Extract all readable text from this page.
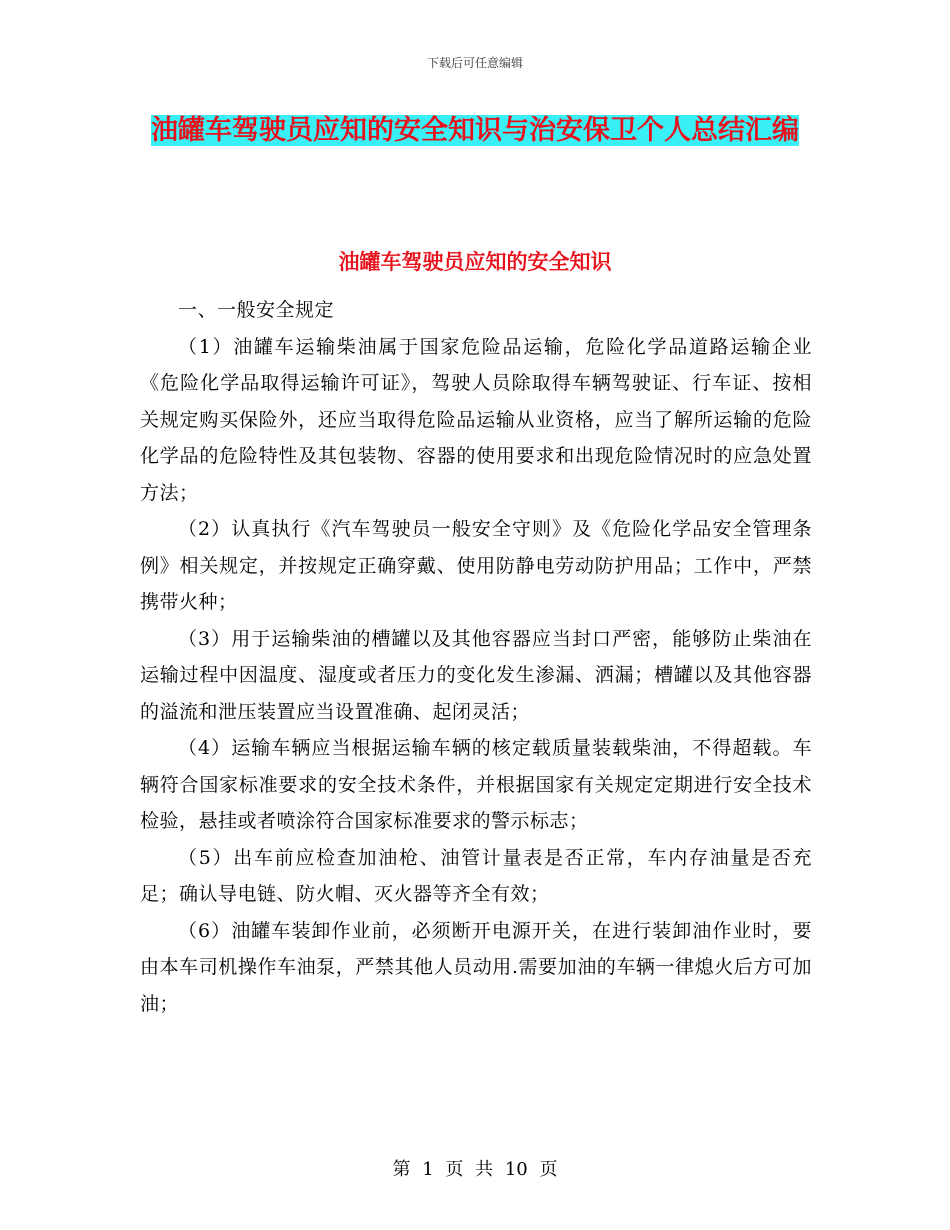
下载后可任意编辑
油罐车驾驶员应知的安全知识与治安保卫个人总结汇编
油罐车驾驶员应知的安全知识

一、一般安全规定

（1）油罐车运输柴油属于国家危险品运输，危险化学品道路运输企业《危险化学品取得运输许可证》，驾驶人员除取得车辆驾驶证、行车证、按相关规定购买保险外，还应当取得危险品运输从业资格，应当了解所运输的危险化学品的危险特性及其包装物、容器的使用要求和出现危险情况时的应急处置方法；

（2）认真执行《汽车驾驶员一般安全守则》及《危险化学品安全管理条例》相关规定，并按规定正确穿戴、使用防静电劳动防护用品；工作中，严禁携带火种；

（3）用于运输柴油的槽罐以及其他容器应当封口严密，能够防止柴油在运输过程中因温度、湿度或者压力的变化发生渗漏、洒漏；槽罐以及其他容器的溢流和泄压装置应当设置准确、起闭灵活；

（4）运输车辆应当根据运输车辆的核定载质量装载柴油，不得超载。车辆符合国家标准要求的安全技术条件，并根据国家有关规定定期进行安全技术检验，悬挂或者喷涂符合国家标准要求的警示标志；

（5）出车前应检查加油枪、油管计量表是否正常，车内存油量是否充足；确认导电链、防火帽、灭火器等齐全有效；

（6）油罐车装卸作业前，必须断开电源开关，在进行装卸油作业时，要由本车司机操作车油泵，严禁其他人员动用.需要加油的车辆一律熄火后方可加油；

第 1 页 共 10 页
